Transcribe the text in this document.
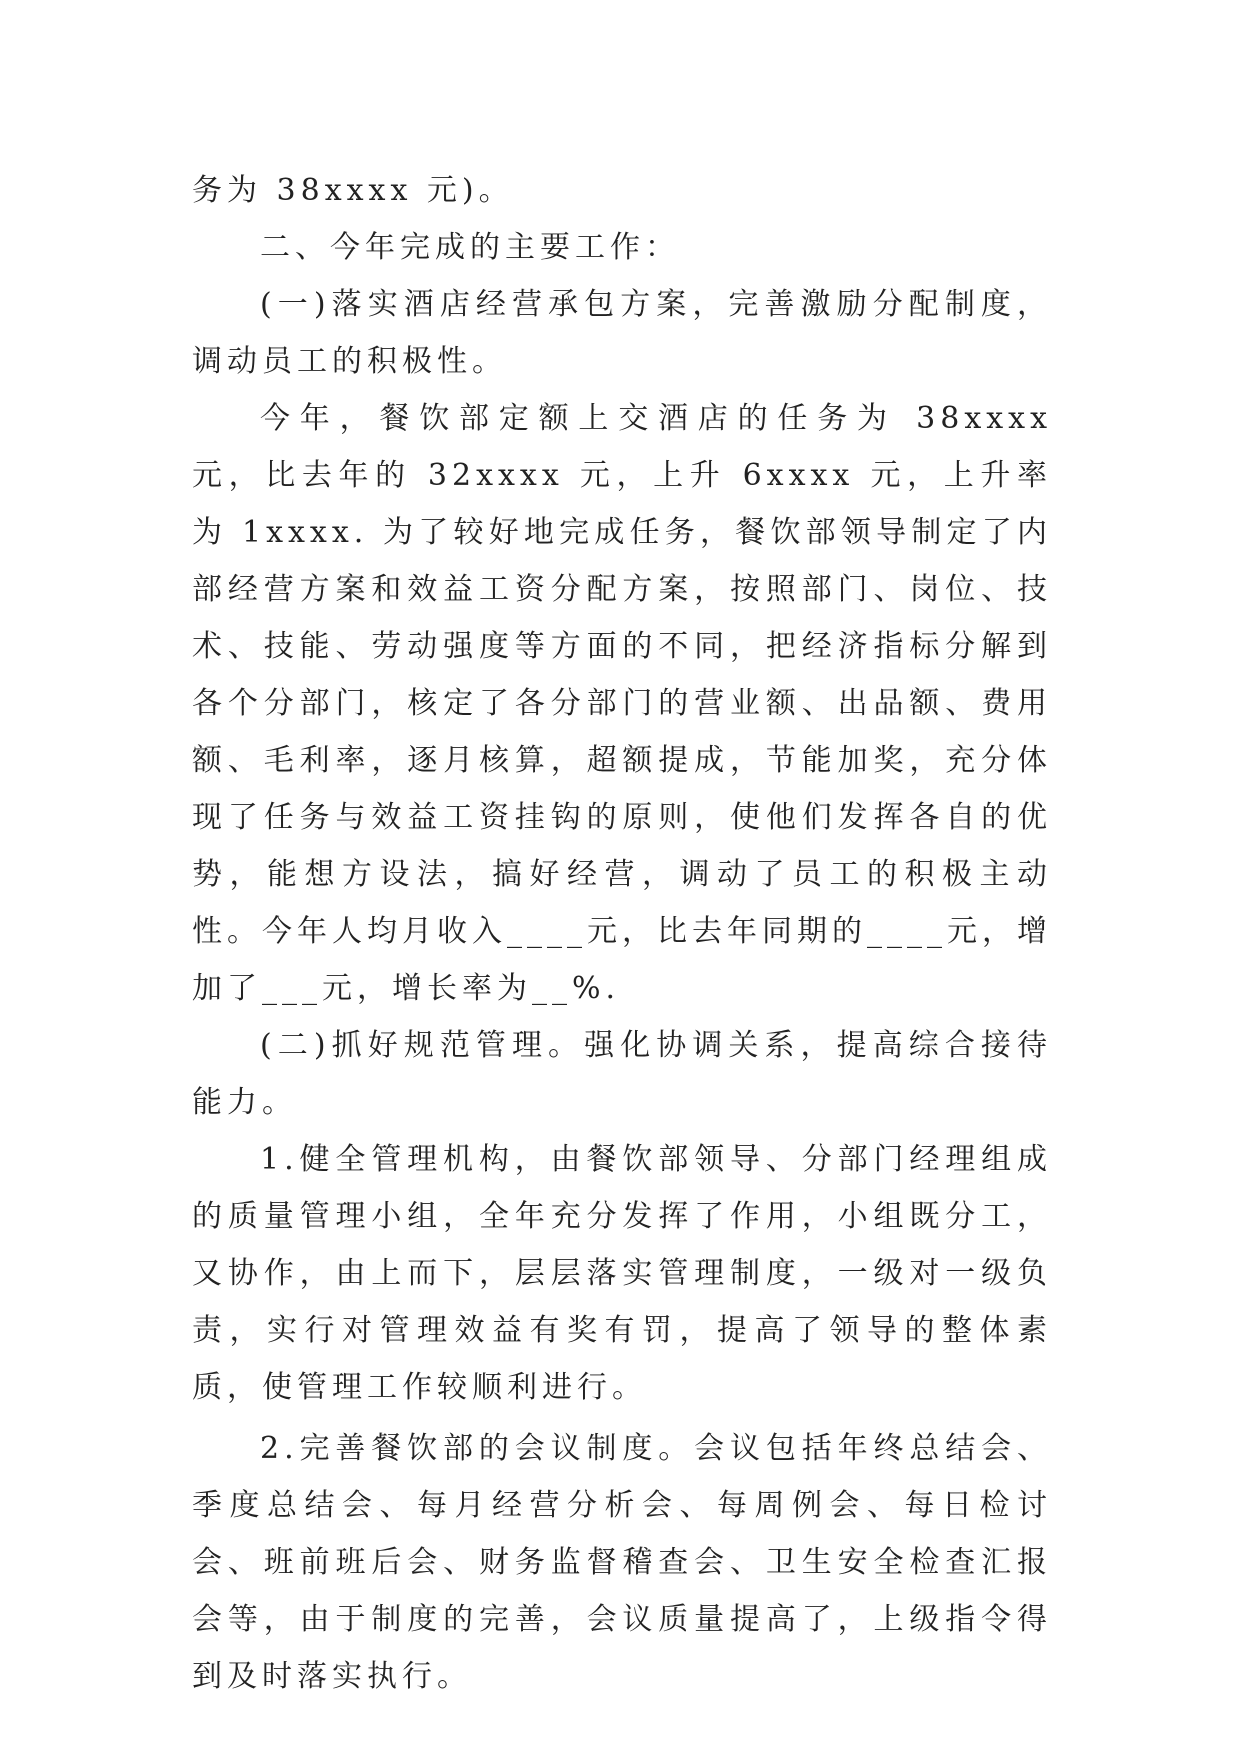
务为 38xxxx 元)。

二、今年完成的主要工作：

(一)落实酒店经营承包方案，完善激励分配制度，调动员工的积极性。

今年，餐饮部定额上交酒店的任务为 38xxxx 元，比去年的 32xxxx 元，上升 6xxxx 元，上升率为 1xxxx. 为了较好地完成任务，餐饮部领导制定了内部经营方案和效益工资分配方案，按照部门、岗位、技术、技能、劳动强度等方面的不同，把经济指标分解到各个分部门，核定了各分部门的营业额、出品额、费用额、毛利率，逐月核算，超额提成，节能加奖，充分体现了任务与效益工资挂钩的原则，使他们发挥各自的优势，能想方设法，搞好经营，调动了员工的积极主动性。今年人均月收入____元，比去年同期的____元，增加了___元，增长率为__%.

(二)抓好规范管理。强化协调关系，提高综合接待能力。

1.健全管理机构，由餐饮部领导、分部门经理组成的质量管理小组，全年充分发挥了作用，小组既分工，又协作，由上而下，层层落实管理制度，一级对一级负责，实行对管理效益有奖有罚，提高了领导的整体素质，使管理工作较顺利进行。

2.完善餐饮部的会议制度。会议包括年终总结会、季度总结会、每月经营分析会、每周例会、每日检讨会、班前班后会、财务监督稽查会、卫生安全检查汇报会等，由于制度的完善，会议质量提高了，上级指令得到及时落实执行。
